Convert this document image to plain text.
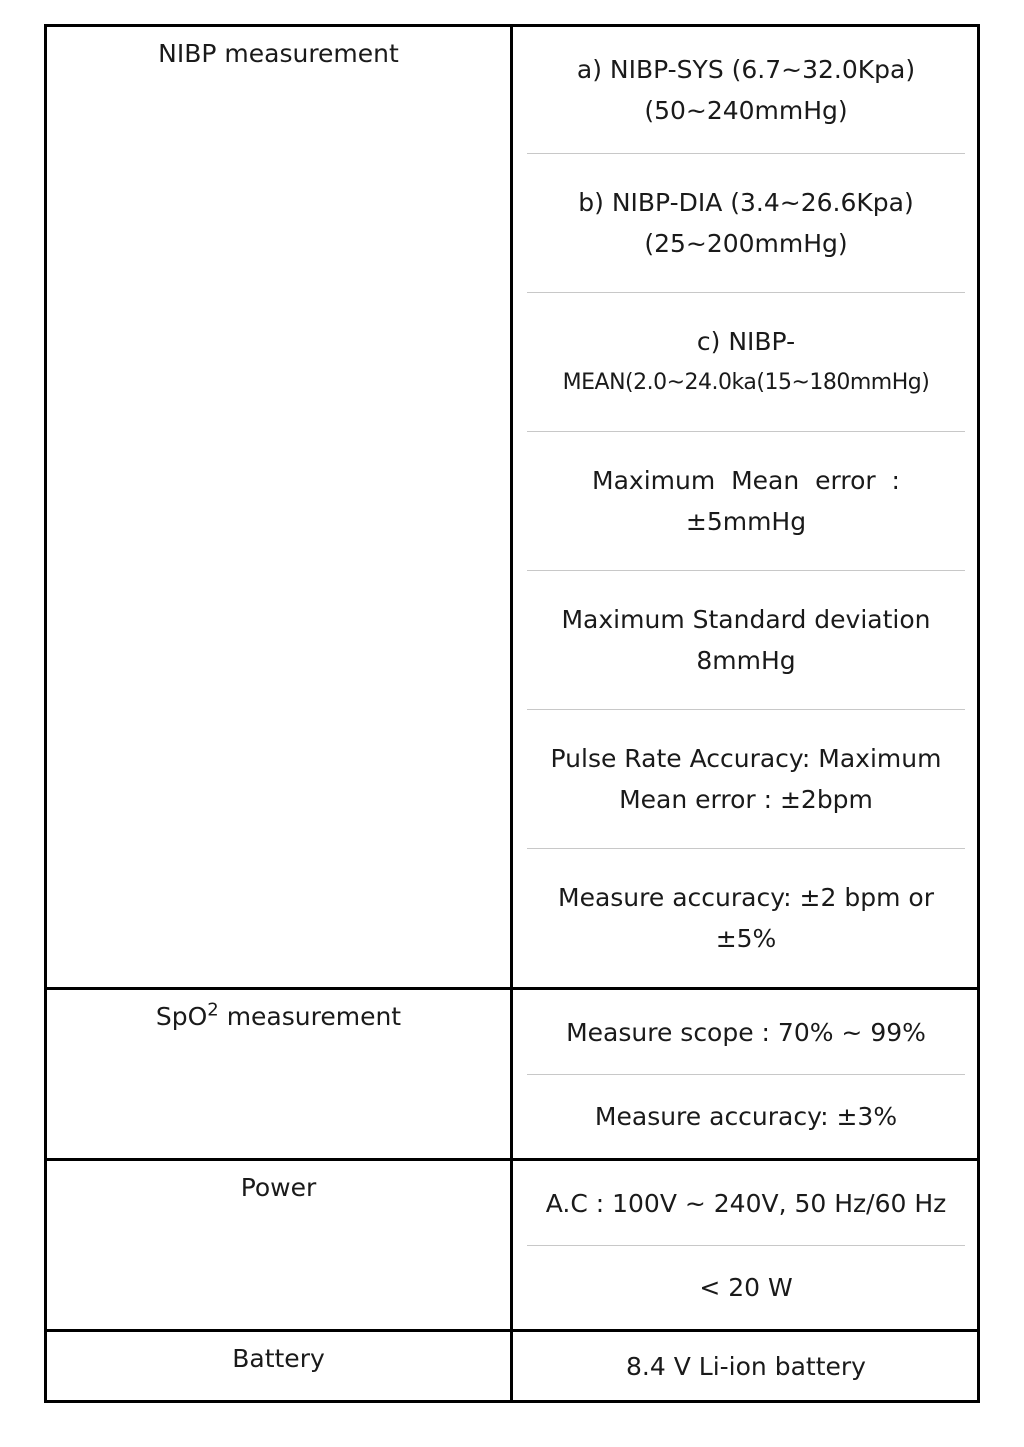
NIBP measurement
a) NIBP-SYS (6.7~32.0Kpa) (50~240mmHg)
b) NIBP-DIA (3.4~26.6Kpa) (25~200mmHg)
c) NIBP-
MEAN(2.0~24.0ka(15~180mmHg)
Maximum  Mean  error  :  ±5mmHg
Maximum Standard deviation 8mmHg
Pulse Rate Accuracy: Maximum Mean error : ±2bpm
Measure accuracy: ±2 bpm or ±5%
SpO$^2$ measurement
Measure scope : 70% ~ 99%
Measure accuracy: ±3%
Power
A.C : 100V ~ 240V, 50 Hz/60 Hz
< 20 W
Battery	8.4 V Li-ion battery
